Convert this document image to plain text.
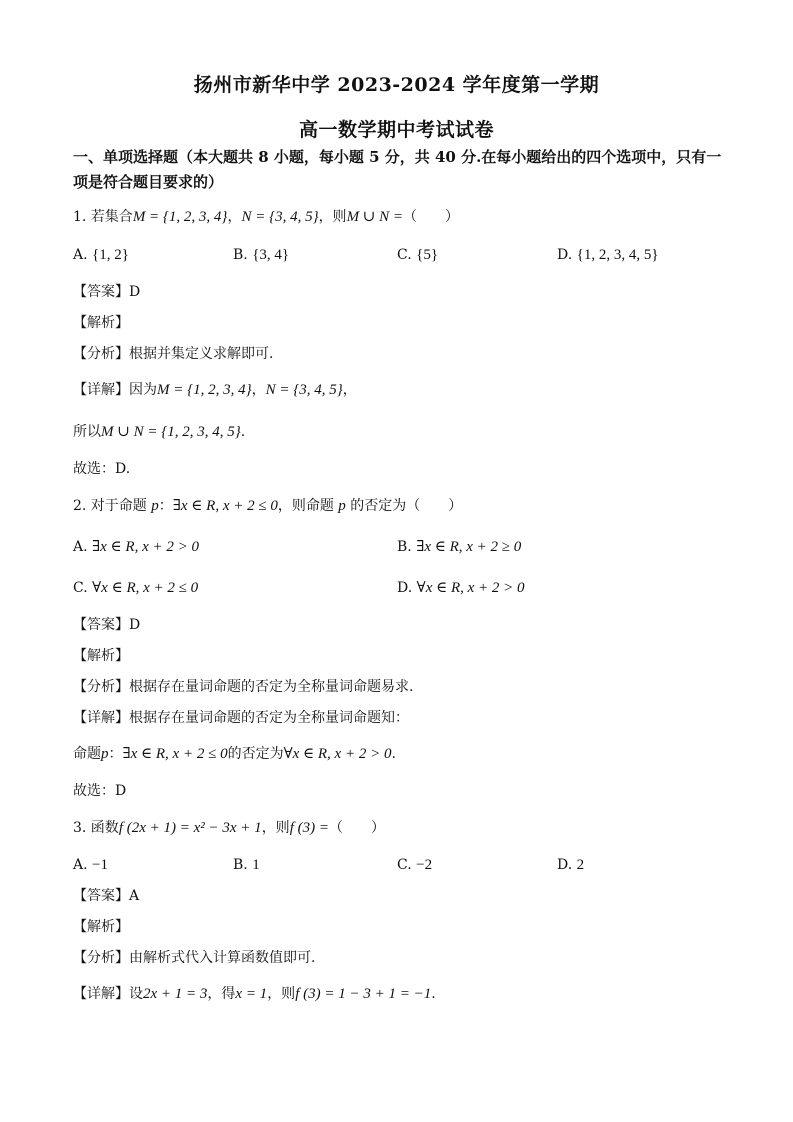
扬州市新华中学 2023-2024 学年度第一学期
高一数学期中考试试卷
一、单项选择题（本大题共 8 小题，每小题 5 分，共 40 分.在每小题给出的四个选项中，只有一项是符合题目要求的）
1. 若集合M = {1, 2, 3, 4}，N = {3, 4, 5}，则M ∪ N =（　　）
A. {1, 2}	B. {3, 4}	C. {5}	D. {1, 2, 3, 4, 5}
【答案】D
【解析】
【分析】根据并集定义求解即可.
【详解】因为M = {1, 2, 3, 4}，N = {3, 4, 5}，
所以M ∪ N = {1, 2, 3, 4, 5}.
故选：D.
2. 对于命题 p：∃x ∈ R, x + 2 ≤ 0，则命题 p 的否定为（　　）
A. ∃x ∈ R, x + 2 > 0	B. ∃x ∈ R, x + 2 ≥ 0
C. ∀x ∈ R, x + 2 ≤ 0	D. ∀x ∈ R, x + 2 > 0
【答案】D
【解析】
【分析】根据存在量词命题的否定为全称量词命题易求.
【详解】根据存在量词命题的否定为全称量词命题知：
命题p：∃x ∈ R, x + 2 ≤ 0的否定为∀x ∈ R, x + 2 > 0.
故选：D
3. 函数f (2x + 1) = x² − 3x + 1，则f (3) =（　　）
A. −1	B. 1	C. −2	D. 2
【答案】A
【解析】
【分析】由解析式代入计算函数值即可.
【详解】设2x + 1 = 3，得x = 1，则f (3) = 1 − 3 + 1 = −1.
